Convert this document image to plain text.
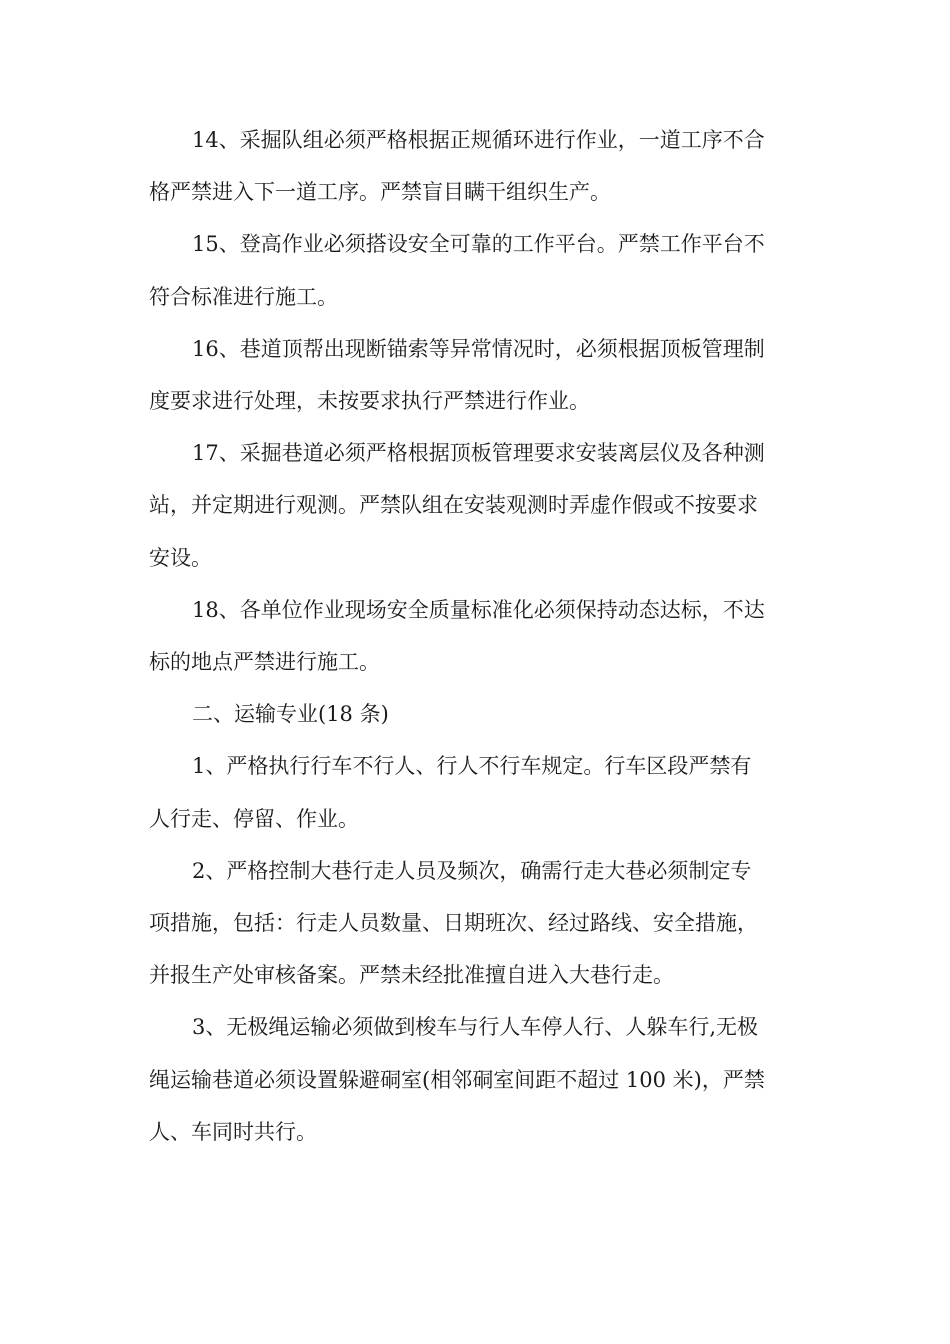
14、采掘队组必须严格根据正规循环进行作业，一道工序不合
格严禁进入下一道工序。严禁盲目瞒干组织生产。
15、登高作业必须搭设安全可靠的工作平台。严禁工作平台不
符合标准进行施工。
16、巷道顶帮出现断锚索等异常情况时，必须根据顶板管理制
度要求进行处理，未按要求执行严禁进行作业。
17、采掘巷道必须严格根据顶板管理要求安装离层仪及各种测
站，并定期进行观测。严禁队组在安装观测时弄虚作假或不按要求
安设。
18、各单位作业现场安全质量标准化必须保持动态达标，不达
标的地点严禁进行施工。
二、运输专业(18 条)
1、严格执行行车不行人、行人不行车规定。行车区段严禁有
人行走、停留、作业。
2、严格控制大巷行走人员及频次，确需行走大巷必须制定专
项措施，包括：行走人员数量、日期班次、经过路线、安全措施，
并报生产处审核备案。严禁未经批准擅自进入大巷行走。
3、无极绳运输必须做到梭车与行人车停人行、人躲车行,无极
绳运输巷道必须设置躲避硐室(相邻硐室间距不超过 100 米)，严禁
人、车同时共行。
